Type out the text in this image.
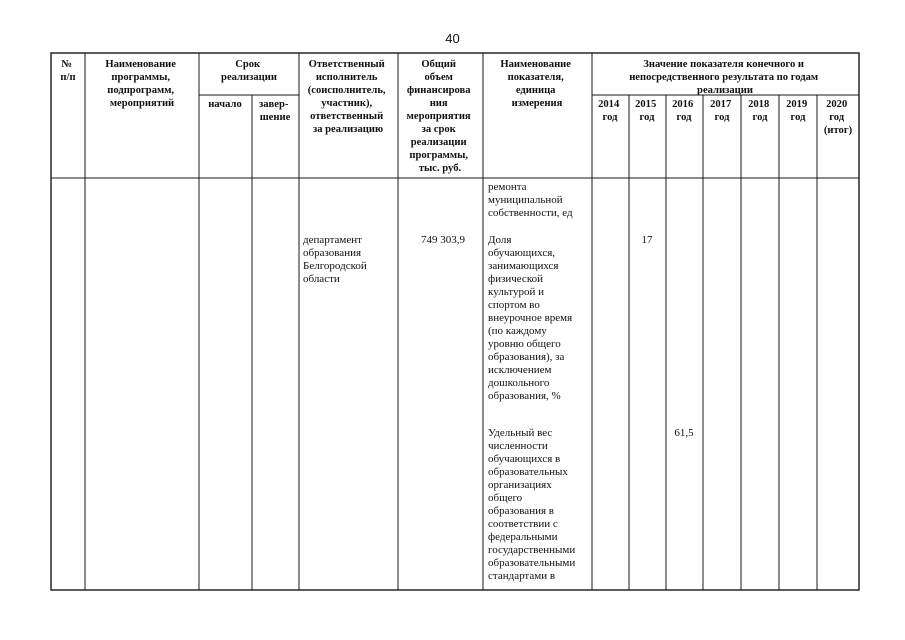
40
№ п/п
Наименование программы, подпрограмм, мероприятий
Срок реализации
начало завер- шение
Ответственный исполнитель (соисполнитель, участник), ответственный за реализацию
Общий объем финансирова ния мероприятия за срок реализации программы, тыс. руб.
Наименование показателя, единица измерения
Значение показателя конечного и непосредственного результата по годам реализации
2014 год
2015 год
2016 год
2017 год
2018 год
2019 год
2020 год (итог)
ремонта муниципальной собственности, ед
департамент образования Белгородской области
749 303,9 Доля обучающихся, занимающихся физической культурой и спортом во внеурочное время (по каждому уровню общего образования), за исключением дошкольного образования, %
17
Удельный вес численности обучающихся в образовательных организациях общего образования в соответствии с федеральными государственными образовательными стандартами в
61,5
